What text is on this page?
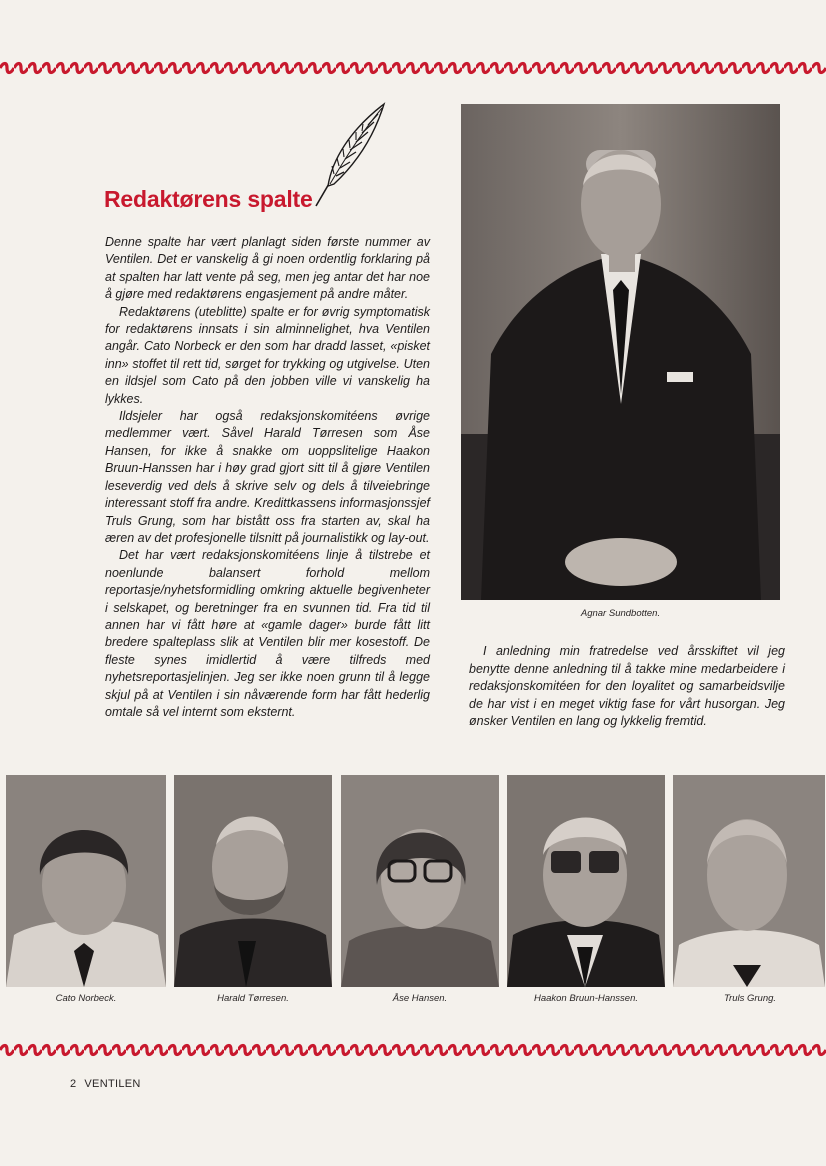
Redaktørens spalte

Denne spalte har vært planlagt siden første nummer av Ventilen. Det er vanskelig å gi noen ordentlig forklaring på at spalten har latt vente på seg, men jeg antar det har noe å gjøre med redaktørens engasjement på andre måter.

Redaktørens (uteblitte) spalte er for øvrig symptomatisk for redaktørens innsats i sin alminnelighet, hva Ventilen angår. Cato Norbeck er den som har dradd lasset, «pisket inn» stoffet til rett tid, sørget for trykking og utgivelse. Uten en ildsjel som Cato på den jobben ville vi vanskelig ha lykkes.

Ildsjeler har også redaksjonskomitéens øvrige medlemmer vært. Såvel Harald Tørresen som Åse Hansen, for ikke å snakke om uoppslitelige Haakon Bruun-Hanssen har i høy grad gjort sitt til å gjøre Ventilen leseverdig ved dels å skrive selv og dels å tilveiebringe interessant stoff fra andre. Kredittkassens informasjonssjef Truls Grung, som har bistått oss fra starten av, skal ha æren av det profesjonelle tilsnitt på journalistikk og lay-out.

Det har vært redaksjonskomitéens linje å tilstrebe et noenlunde balansert forhold mellom reportasje/nyhetsformidling omkring aktuelle begivenheter i selskapet, og beretninger fra en svunnen tid. Fra tid til annen har vi fått høre at «gamle dager» burde fått litt bredere spalteplass slik at Ventilen blir mer kosestoff. De fleste synes imidlertid å være tilfreds med nyhetsreportasjelinjen. Jeg ser ikke noen grunn til å legge skjul på at Ventilen i sin nåværende form har fått hederlig omtale så vel internt som eksternt.

Agnar Sundbotten.

I anledning min fratredelse ved årsskiftet vil jeg benytte denne anledning til å takke mine medarbeidere i redaksjonskomitéen for den loyalitet og samarbeidsvilje de har vist i en meget viktig fase for vårt husorgan. Jeg ønsker Ventilen en lang og lykkelig fremtid.

Cato Norbeck.	Harald Tørresen.	Åse Hansen.	Haakon Bruun-Hanssen.	Truls Grung.
2 VENTILEN
